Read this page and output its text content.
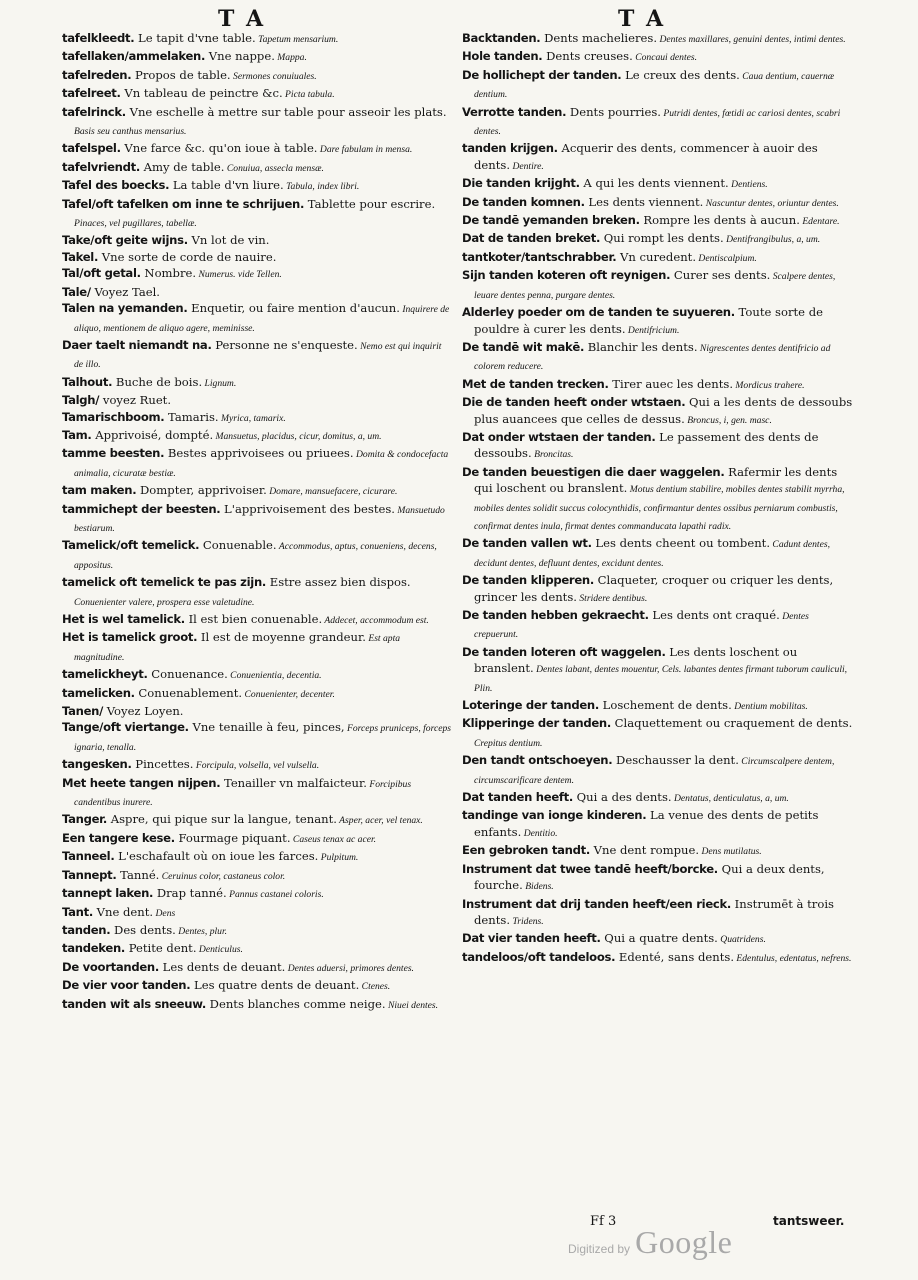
T A	T A

tafelkleedt. Le tapit d'vne table. Tapetum mensarium.

tafellaken/ammelaken. Vne nappe. Mappa.

tafelreden. Propos de table. Sermones conuiuales.

tafelreet. Vn tableau de peinctre &c. Picta tabula.

tafelrinck. Vne eschelle à mettre sur table pour asseoir les plats. Basis seu canthus mensarius.

tafelspel. Vne farce &c. qu'on ioue à table. Dare fabulam in mensa.

tafelvriendt. Amy de table. Conuiua, assecla mensæ.

Tafel des boecks. La table d'vn liure. Tabula, index libri.

Tafel/oft tafelken om inne te schrijuen. Tablette pour escrire. Pinaces, vel pugillares, tabellæ.

Take/oft geite wijns. Vn lot de vin.

Takel. Vne sorte de corde de nauire.

Tal/oft getal. Nombre. Numerus. vide Tellen.

Tale/ Voyez Tael.

Talen na yemanden. Enquetir, ou faire mention d'aucun. Inquirere de aliquo, mentionem de aliquo agere, meminisse.

Daer taelt niemandt na. Personne ne s'enqueste. Nemo est qui inquirit de illo.

Talhout. Buche de bois. Lignum.

Talgh/ voyez Ruet.

Tamarischboom. Tamaris. Myrica, tamarix.

Tam. Apprivoisé, dompté. Mansuetus, placidus, cicur, domitus, a, um.

tamme beesten. Bestes apprivoisees ou priuees. Domita & condocefacta animalia, cicuratæ bestiæ.

tam maken. Dompter, apprivoiser. Domare, mansuefacere, cicurare.

tammichept der beesten. L'apprivoisement des bestes. Mansuetudo bestiarum.

Tamelick/oft temelick. Conuenable. Accommodus, aptus, conueniens, decens, appositus.

tamelick oft temelick te pas zijn. Estre assez bien dispos. Conuenienter valere, prospera esse valetudine.

Het is wel tamelick. Il est bien conuenable. Addecet, accommodum est.

Het is tamelick groot. Il est de moyenne grandeur. Est apta magnitudine.

tamelickheyt. Conuenance. Conuenientia, decentia.

tamelicken. Conuenablement. Conuenienter, decenter.

Tanen/ Voyez Loyen.

Tange/oft viertange. Vne tenaille à feu, pinces, Forceps pruniceps, forceps ignaria, tenalla.

tangesken. Pincettes. Forcipula, volsella, vel vulsella.

Met heete tangen nijpen. Tenailler vn malfaicteur. Forcipibus candentibus inurere.

Tanger. Aspre, qui pique sur la langue, tenant. Asper, acer, vel tenax.

Een tangere kese. Fourmage piquant. Caseus tenax ac acer.

Tanneel. L'eschafault où on ioue les farces. Pulpitum.

Tannept. Tanné. Ceruinus color, castaneus color.

tannept laken. Drap tanné. Pannus castanei coloris.

Tant. Vne dent. Dens

tanden. Des dents. Dentes, plur.

tandeken. Petite dent. Denticulus.

De voortanden. Les dents de deuant. Dentes aduersi, primores dentes.

De vier voor tanden. Les quatre dents de deuant. Ctenes.

tanden wit als sneeuw. Dents blanches comme neige. Niuei dentes.

Backtanden. Dents machelieres. Dentes maxillares, genuini dentes, intimi dentes.

Hole tanden. Dents creuses. Concaui dentes.

De hollichept der tanden. Le creux des dents. Caua dentium, cauernæ dentium.

Verrotte tanden. Dents pourries. Putridi dentes, fœtidi ac cariosi dentes, scabri dentes.

tanden krijgen. Acquerir des dents, commencer à auoir des dents. Dentire.

Die tanden krijght. A qui les dents viennent. Dentiens.

De tanden komnen. Les dents viennent. Nascuntur dentes, oriuntur dentes.

De tandē yemanden breken. Rompre les dents à aucun. Edentare.

Dat de tanden breket. Qui rompt les dents. Dentifrangibulus, a, um.

tantkoter/tantschrabber. Vn curedent. Dentiscalpium.

Sijn tanden koteren oft reynigen. Curer ses dents. Scalpere dentes, leuare dentes penna, purgare dentes.

Alderley poeder om de tanden te suyueren. Toute sorte de pouldre à curer les dents. Dentifricium.

De tandē wit makē. Blanchir les dents. Nigrescentes dentes dentifricio ad colorem reducere.

Met de tanden trecken. Tirer auec les dents. Mordicus trahere.

Die de tanden heeft onder wtstaen. Qui a les dents de dessoubs plus auancees que celles de dessus. Broncus, i, gen. masc.

Dat onder wtstaen der tanden. Le passement des dents de dessoubs. Broncitas.

De tanden beuestigen die daer waggelen. Rafermir les dents qui loschent ou branslent. Motus dentium stabilire, mobiles dentes stabilit myrrha, mobiles dentes solidit succus colocynthidis, confirmantur dentes ossibus perniarum combustis, confirmat dentes inula, firmat dentes commanducata lapathi radix.

De tanden vallen wt. Les dents cheent ou tombent. Cadunt dentes, decidunt dentes, defluunt dentes, excidunt dentes.

De tanden klipperen. Claqueter, croquer ou criquer les dents, grincer les dents. Stridere dentibus.

De tanden hebben gekraecht. Les dents ont craqué. Dentes crepuerunt.

De tanden loteren oft waggelen. Les dents loschent ou branslent. Dentes labant, dentes mouentur, Cels. labantes dentes firmant tuborum cauliculi, Plin.

Loteringe der tanden. Loschement de dents. Dentium mobilitas.

Klipperinge der tanden. Claquettement ou craquement de dents. Crepitus dentium.

Den tandt ontschoeyen. Deschausser la dent. Circumscalpere dentem, circumscarificare dentem.

Dat tanden heeft. Qui a des dents. Dentatus, denticulatus, a, um.

tandinge van ionge kinderen. La venue des dents de petits enfants. Dentitio.

Een gebroken tandt. Vne dent rompue. Dens mutilatus.

Instrument dat twee tandē heeft/borcke. Qui a deux dents, fourche. Bidens.

Instrument dat drij tanden heeft/een rieck. Instrumēt à trois dents. Tridens.

Dat vier tanden heeft. Qui a quatre dents. Quatridens.

tandeloos/oft tandeloos. Edenté, sans dents. Edentulus, edentatus, nefrens.

Ff 3	tantsweer.
Digitized by Google
